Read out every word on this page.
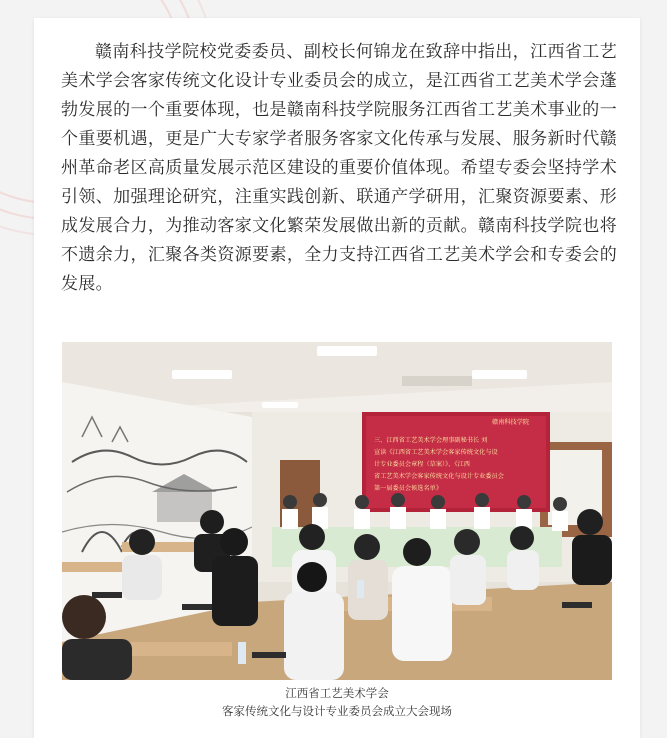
赣南科技学院校党委委员、副校长何锦龙在致辞中指出，江西省工艺美术学会客家传统文化设计专业委员会的成立，是江西省工艺美术学会蓬勃发展的一个重要体现，也是赣南科技学院服务江西省工艺美术事业的一个重要机遇，更是广大专家学者服务客家文化传承与发展、服务新时代赣州革命老区高质量发展示范区建设的重要价值体现。希望专委会坚持学术引领、加强理论研究，注重实践创新、联通产学研用，汇聚资源要素、形成发展合力，为推动客家文化繁荣发展做出新的贡献。赣南科技学院也将不遗余力，汇聚各类资源要素，全力支持江西省工艺美术学会和专委会的发展。

赣南科技学院
三、江西省工艺美术学会理事副秘书长 刘
宣读《江西省工艺美术学会客家传统文化与设
计专业委员会章程（草案）》、《江西
省工艺美术学会客家传统文化与设计专业委员会
第一届委员会候选名单》
江西省工艺美术学会
客家传统文化与设计专业委员会成立大会现场
